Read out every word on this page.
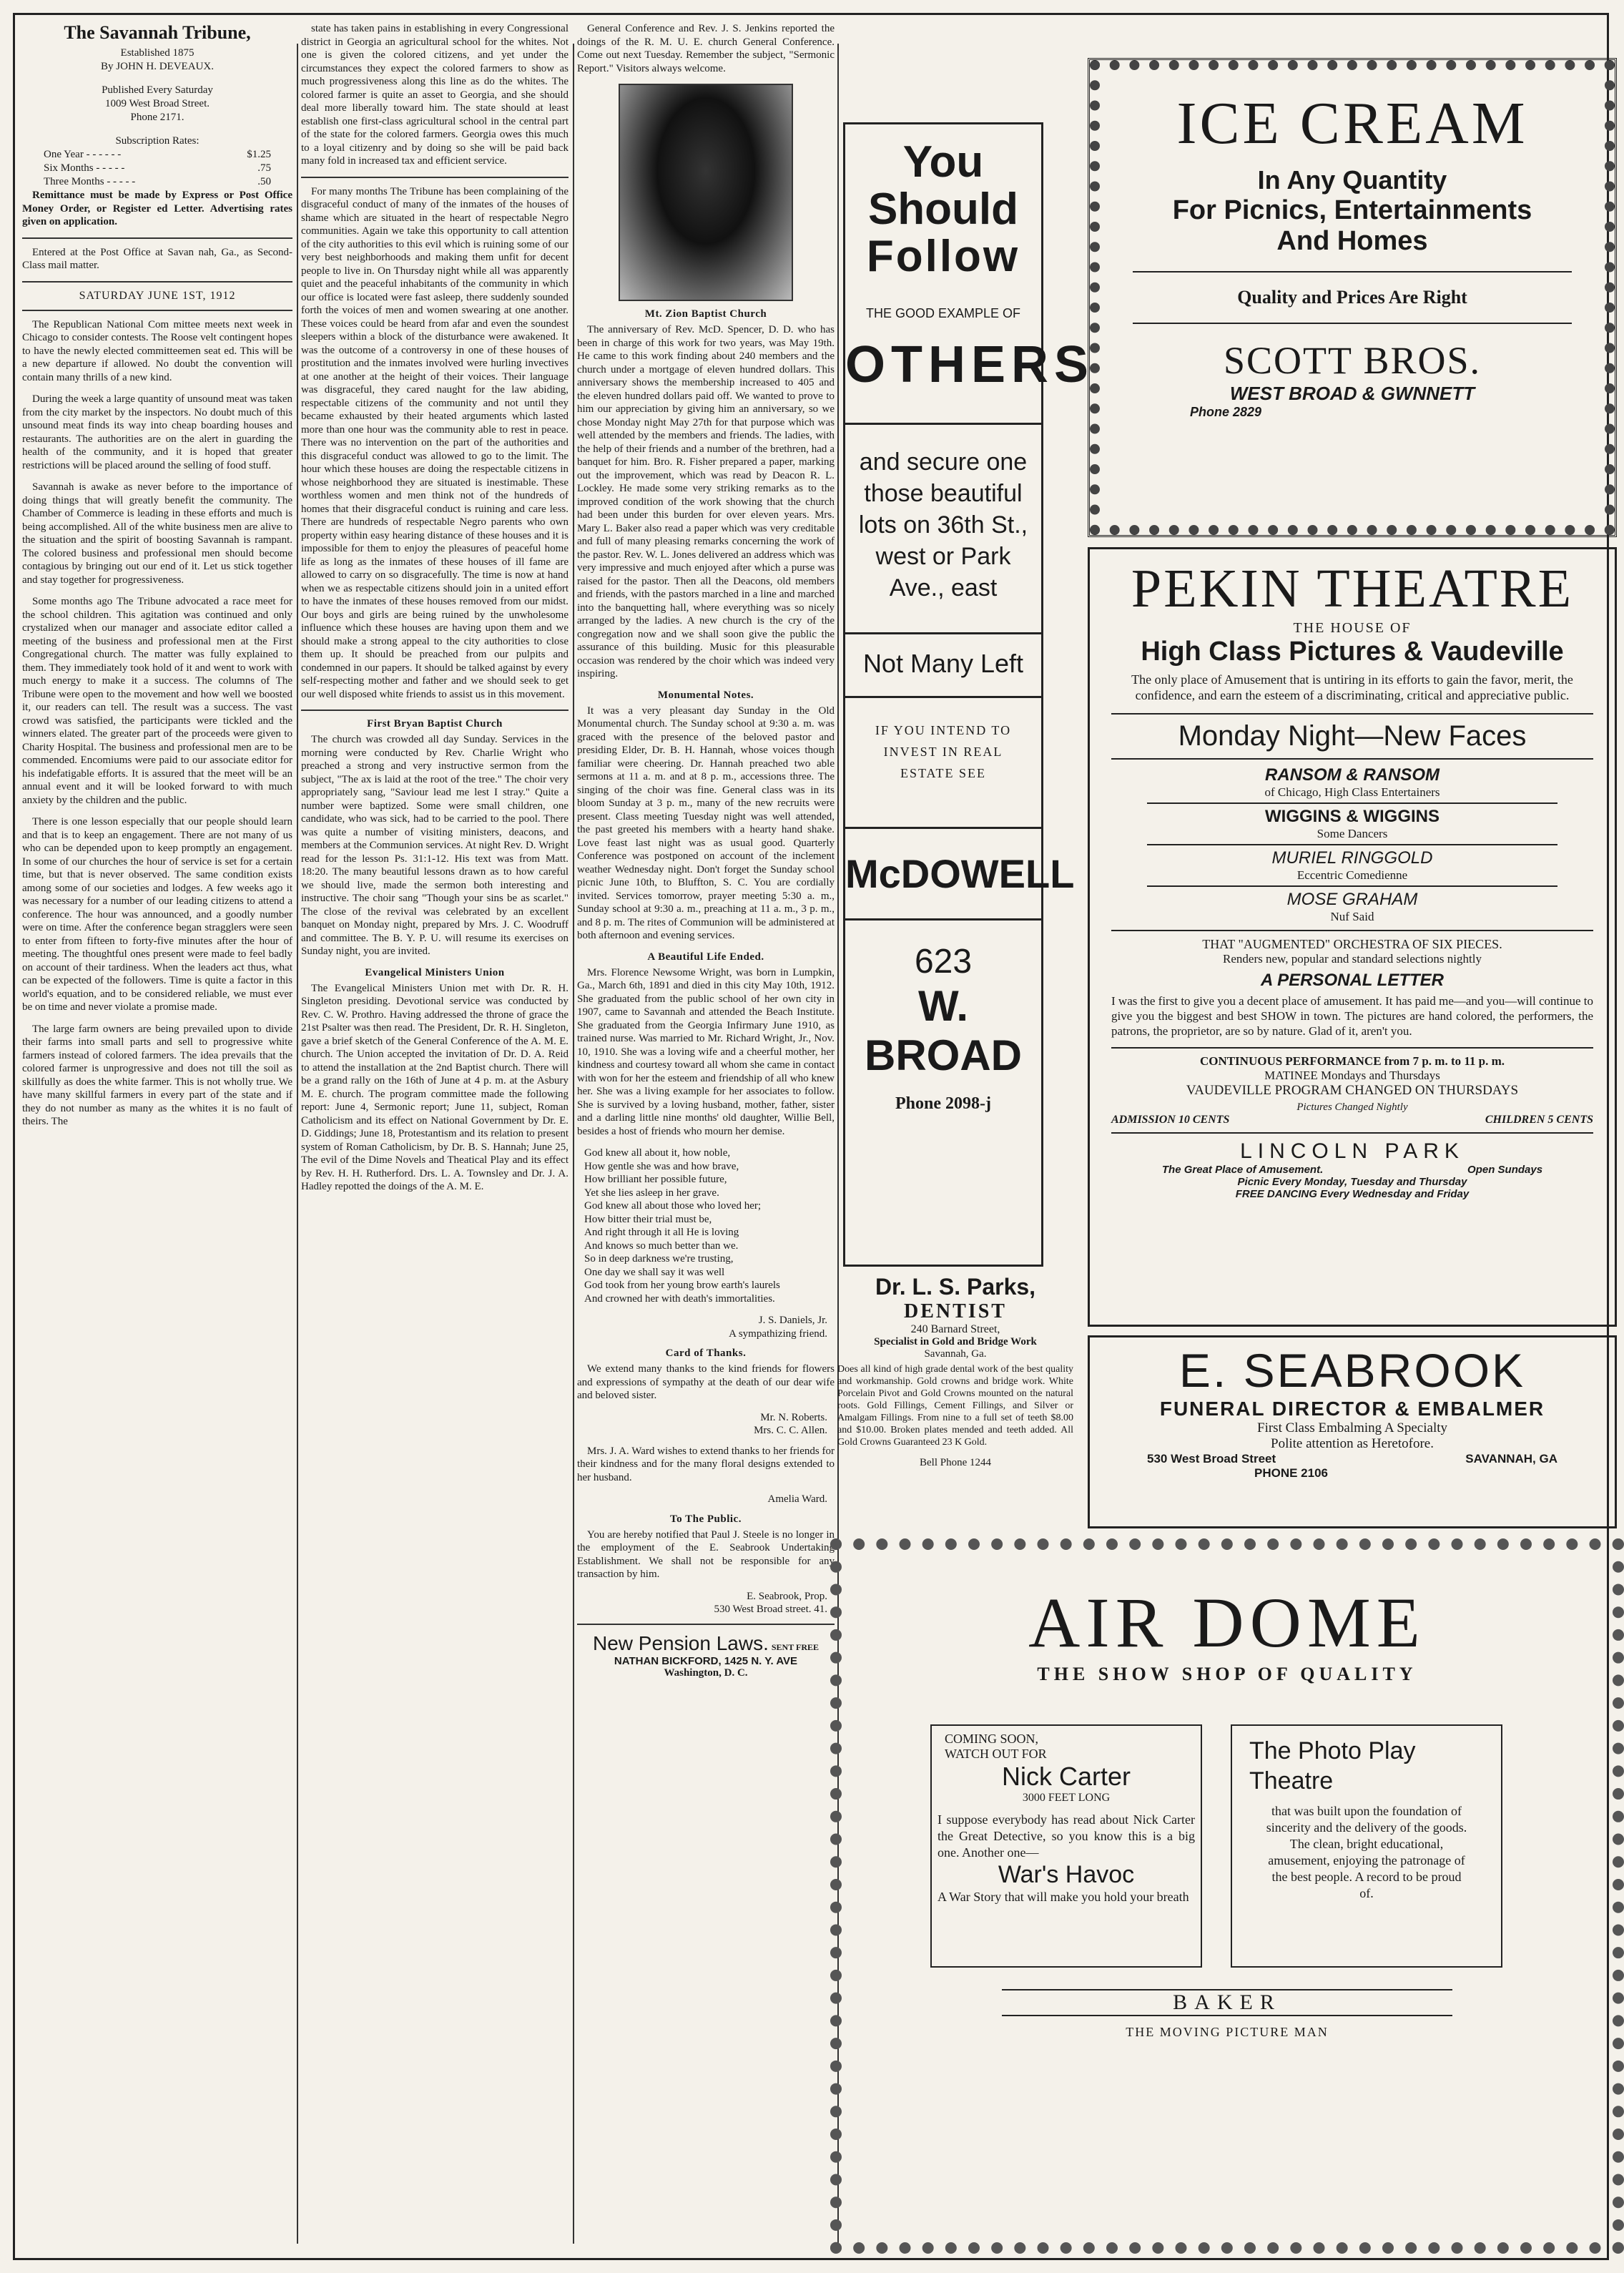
The Savannah Tribune,
Established 1875
By JOHN H. DEVEAUX.
Published Every Saturday
1009 West Broad Street.
Phone 2171.
Subscription Rates:
One Year - - - - - -	$1.25
Six Months - - - - -	.75
Three Months - - - - -	.50

Remittance must be made by Express or Post Office Money Order, or Register ed Letter. Advertising rates given on application.

Entered at the Post Office at Savan nah, Ga., as Second-Class mail matter.

SATURDAY JUNE 1ST, 1912

The Republican National Com mittee meets next week in Chicago to consider contests. The Roose velt contingent hopes to have the newly elected committeemen seat ed. This will be a new departure if allowed. No doubt the convention will contain many thrills of a new kind.

During the week a large quantity of unsound meat was taken from the city market by the inspectors. No doubt much of this unsound meat finds its way into cheap boarding houses and restaurants. The authorities are on the alert in guarding the health of the community, and it is hoped that greater restrictions will be placed around the selling of food stuff.

Savannah is awake as never before to the importance of doing things that will greatly benefit the community. The Chamber of Commerce is leading in these efforts and much is being accomplished. All of the white business men are alive to the situation and the spirit of boosting Savannah is rampant. The colored business and professional men should become contagious by bringing out our end of it. Let us stick together and stay together for progressiveness.

Some months ago The Tribune advocated a race meet for the school children. This agitation was continued and only crystalized when our manager and associate editor called a meeting of the business and professional men at the First Congregational church. The matter was fully explained to them. They immediately took hold of it and went to work with much energy to make it a success. The columns of The Tribune were open to the movement and how well we boosted it, our readers can tell. The result was a success. The vast crowd was satisfied, the participants were tickled and the winners elated. The greater part of the proceeds were given to Charity Hospital. The business and professional men are to be commended. Encomiums were paid to our associate editor for his indefatigable efforts. It is assured that the meet will be an annual event and it will be looked forward to with much anxiety by the children and the public.

There is one lesson especially that our people should learn and that is to keep an engagement. There are not many of us who can be depended upon to keep promptly an engagement. In some of our churches the hour of service is set for a certain time, but that is never observed. The same condition exists among some of our societies and lodges. A few weeks ago it was necessary for a number of our leading citizens to attend a conference. The hour was announced, and a goodly number were on time. After the conference began stragglers were seen to enter from fifteen to forty-five minutes after the hour of meeting. The thoughtful ones present were made to feel badly on account of their tardiness. When the leaders act thus, what can be expected of the followers. Time is quite a factor in this world's equation, and to be considered reliable, we must ever be on time and never violate a promise made.

The large farm owners are being prevailed upon to divide their farms into small parts and sell to progressive white farmers instead of colored farmers. The idea prevails that the colored farmer is unprogressive and does not till the soil as skillfully as does the white farmer. This is not wholly true. We have many skillful farmers in every part of the state and if they do not number as many as the whites it is no fault of theirs. The

state has taken pains in establishing in every Congressional district in Georgia an agricultural school for the whites. Not one is given the colored citizens, and yet under the circumstances they expect the colored farmers to show as much progressiveness along this line as do the whites. The colored farmer is quite an asset to Georgia, and she should deal more liberally toward him. The state should at least establish one first-class agricultural school in the central part of the state for the colored farmers. Georgia owes this much to a loyal citizenry and by doing so she will be paid back many fold in increased tax and efficient service.

For many months The Tribune has been complaining of the disgraceful conduct of many of the inmates of the houses of shame which are situated in the heart of respectable Negro communities. Again we take this opportunity to call attention of the city authorities to this evil which is ruining some of our very best neighborhoods and making them unfit for decent people to live in. On Thursday night while all was apparently quiet and the peaceful inhabitants of the community in which our office is located were fast asleep, there suddenly sounded forth the voices of men and women swearing at one another. These voices could be heard from afar and even the soundest sleepers within a block of the disturbance were awakened. It was the outcome of a controversy in one of these houses of prostitution and the inmates involved were hurling invectives at one another at the height of their voices. Their language was disgraceful, they cared naught for the law abiding, respectable citizens of the community and not until they became exhausted by their heated arguments which lasted more than one hour was the community able to rest in peace. There was no intervention on the part of the authorities and this disgraceful conduct was allowed to go to the limit. The hour which these houses are doing the respectable citizens in whose neighborhood they are situated is inestimable. These worthless women and men think not of the hundreds of homes that their disgraceful conduct is ruining and care less. There are hundreds of respectable Negro parents who own property within easy hearing distance of these houses and it is impossible for them to enjoy the pleasures of peaceful home life as long as the inmates of these houses of ill fame are allowed to carry on so disgracefully. The time is now at hand when we as respectable citizens should join in a united effort to have the inmates of these houses removed from our midst. Our boys and girls are being ruined by the unwholesome influence which these houses are having upon them and we should make a strong appeal to the city authorities to close them up. It should be preached from our pulpits and condemned in our papers. It should be talked against by every self-respecting mother and father and we should seek to get our well disposed white friends to assist us in this movement.

First Bryan Baptist Church

The church was crowded all day Sunday. Services in the morning were conducted by Rev. Charlie Wright who preached a strong and very instructive sermon from the subject, "The ax is laid at the root of the tree." The choir very appropriately sang, "Saviour lead me lest I stray." Quite a number were baptized. Some were small children, one candidate, who was sick, had to be carried to the pool. There was quite a number of visiting ministers, deacons, and members at the Communion services. At night Rev. D. Wright read for the lesson Ps. 31:1-12. His text was from Matt. 18:20. The many beautiful lessons drawn as to how careful we should live, made the sermon both interesting and instructive. The choir sang "Though your sins be as scarlet." The close of the revival was celebrated by an excellent banquet on Monday night, prepared by Mrs. J. C. Woodruff and committee. The B. Y. P. U. will resume its exercises on Sunday night, you are invited.

Evangelical Ministers Union

The Evangelical Ministers Union met with Dr. R. H. Singleton presiding. Devotional service was conducted by Rev. C. W. Prothro. Having addressed the throne of grace the 21st Psalter was then read. The President, Dr. R. H. Singleton, gave a brief sketch of the General Conference of the A. M. E. church. The Union accepted the invitation of Dr. D. A. Reid to attend the installation at the 2nd Baptist church. There will be a grand rally on the 16th of June at 4 p. m. at the Asbury M. E. church. The program committee made the following report: June 4, Sermonic report; June 11, subject, Roman Catholicism and its effect on National Government by Dr. E. D. Giddings; June 18, Protestantism and its relation to present system of Roman Catholicism, by Dr. B. S. Hannah; June 25, The evil of the Dime Novels and Theatical Play and its effect by Rev. H. H. Rutherford. Drs. L. A. Townsley and Dr. J. A. Hadley repotted the doings of the A. M. E.

General Conference and Rev. J. S. Jenkins reported the doings of the R. M. U. E. church General Conference. Come out next Tuesday. Remember the subject, "Sermonic Report." Visitors always welcome.

Mt. Zion Baptist Church

The anniversary of Rev. McD. Spencer, D. D. who has been in charge of this work for two years, was May 19th. He came to this work finding about 240 members and the church under a mortgage of eleven hundred dollars. This anniversary shows the membership increased to 405 and the eleven hundred dollars paid off. We wanted to prove to him our appreciation by giving him an anniversary, so we chose Monday night May 27th for that purpose which was well attended by the members and friends. The ladies, with the help of their friends and a number of the brethren, had a banquet for him. Bro. R. Fisher prepared a paper, marking out the improvement, which was read by Deacon R. L. Lockley. He made some very striking remarks as to the improved condition of the work showing that the church had been under this burden for over eleven years. Mrs. Mary L. Baker also read a paper which was very creditable and full of many pleasing remarks concerning the work of the pastor. Rev. W. L. Jones delivered an address which was very impressive and much enjoyed after which a purse was raised for the pastor. Then all the Deacons, old members and friends, with the pastors marched in a line and marched into the banquetting hall, where everything was so nicely arranged by the ladies. A new church is the cry of the congregation now and we shall soon give the public the assurance of this building. Music for this pleasurable occasion was rendered by the choir which was indeed very inspiring.

Monumental Notes.

It was a very pleasant day Sunday in the Old Monumental church. The Sunday school at 9:30 a. m. was graced with the presence of the beloved pastor and presiding Elder, Dr. B. H. Hannah, whose voices though familiar were cheering. Dr. Hannah preached two able sermons at 11 a. m. and at 8 p. m., accessions three. The singing of the choir was fine. General class was in its bloom Sunday at 3 p. m., many of the new recruits were present. Class meeting Tuesday night was well attended, the past greeted his members with a hearty hand shake. Love feast last night was as usual good. Quarterly Conference was postponed on account of the inclement weather Wednesday night. Don't forget the Sunday school picnic June 10th, to Bluffton, S. C. You are cordially invited. Services tomorrow, prayer meeting 5:30 a. m., Sunday school at 9:30 a. m., preaching at 11 a. m., 3 p. m., and 8 p. m. The rites of Communion will be administered at both afternoon and evening services.

A Beautiful Life Ended.

Mrs. Florence Newsome Wright, was born in Lumpkin, Ga., March 6th, 1891 and died in this city May 10th, 1912. She graduated from the public school of her own city in 1907, came to Savannah and attended the Beach Institute. She graduated from the Georgia Infirmary June 1910, as trained nurse. Was married to Mr. Richard Wright, Jr., Nov. 10, 1910. She was a loving wife and a cheerful mother, her kindness and courtesy toward all whom she came in contact with won for her the esteem and friendship of all who knew her. She was a living example for her associates to follow. She is survived by a loving husband, mother, father, sister and a darling little nine months' old daughter, Willie Bell, besides a host of friends who mourn her demise.

God knew all about it, how noble,
How gentle she was and how brave,
How brilliant her possible future,
Yet she lies asleep in her grave.
God knew all about those who loved her;
How bitter their trial must be,
And right through it all He is loving
And knows so much better than we.
So in deep darkness we're trusting,
One day we shall say it was well
God took from her young brow earth's laurels
And crowned her with death's immortalities.
J. S. Daniels, Jr.
A sympathizing friend.
Card of Thanks.

We extend many thanks to the kind friends for flowers and expressions of sympathy at the death of our dear wife and beloved sister.

Mr. N. Roberts.
Mrs. C. C. Allen.

Mrs. J. A. Ward wishes to extend thanks to her friends for their kindness and for the many floral designs extended to her husband.

Amelia Ward.
To The Public.

You are hereby notified that Paul J. Steele is no longer in the employment of the E. Seabrook Undertaking Establishment. We shall not be responsible for any transaction by him.

E. Seabrook, Prop.
530 West Broad street. 41.
New Pension Laws. SENT FREE
NATHAN BICKFORD, 1425 N. Y. AVE
Washington, D. C.
You
Should
Follow
THE GOOD EXAMPLE OF
OTHERS
and secure one those beautiful lots on 36th St., west or Park Ave., east
Not Many Left
IF YOU INTEND TO INVEST IN REAL ESTATE SEE
McDOWELL
623
W. BROAD
Phone 2098-j
Dr. L. S. Parks,
DENTIST
240 Barnard Street,
Specialist in Gold and Bridge Work
Savannah, Ga.
Does all kind of high grade dental work of the best quality and workmanship. Gold crowns and bridge work. White Porcelain Pivot and Gold Crowns mounted on the natural roots. Gold Fillings, Cement Fillings, and Silver or Amalgam Fillings. From nine to a full set of teeth $8.00 and $10.00. Broken plates mended and teeth added. All Gold Crowns Guaranteed 23 K Gold.
Bell Phone 1244
ICE CREAM
In Any Quantity
For Picnics, Entertainments
And Homes
Quality and Prices Are Right
SCOTT BROS.
WEST BROAD & GWNNETT
Phone 2829
PEKIN THEATRE
THE HOUSE OF
High Class Pictures & Vaudeville
The only place of Amusement that is untiring in its efforts to gain the favor, merit, the confidence, and earn the esteem of a discriminating, critical and appreciative public.
Monday Night—New Faces
RANSOM & RANSOM
of Chicago, High Class Entertainers
WIGGINS & WIGGINS
Some Dancers
MURIEL RINGGOLD
Eccentric Comedienne
MOSE GRAHAM
Nuf Said
THAT "AUGMENTED" ORCHESTRA OF SIX PIECES.
Renders new, popular and standard selections nightly
A PERSONAL LETTER
I was the first to give you a decent place of amusement. It has paid me—and you—will continue to give you the biggest and best SHOW in town. The pictures are hand colored, the performers, the patrons, the proprietor, are so by nature. Glad of it, aren't you.
CONTINUOUS PERFORMANCE from 7 p. m. to 11 p. m.
MATINEE Mondays and Thursdays
VAUDEVILLE PROGRAM CHANGED ON THURSDAYS
Pictures Changed Nightly
ADMISSION 10 CENTS	CHILDREN 5 CENTS
LINCOLN PARK
The Great Place of Amusement.	Open Sundays
Picnic Every Monday, Tuesday and Thursday
FREE DANCING Every Wednesday and Friday
E. SEABROOK
FUNERAL DIRECTOR & EMBALMER
First Class Embalming A Specialty
Polite attention as Heretofore.
530 West Broad Street	SAVANNAH, GA
PHONE 2106
AIR DOME
THE SHOW SHOP OF QUALITY
COMING SOON,
WATCH OUT FOR
Nick Carter
3000 FEET LONG
I suppose everybody has read about Nick Carter the Great Detective, so you know this is a big one. Another one—
War's Havoc
A War Story that will make you hold your breath
The Photo Play Theatre
that was built upon the foundation of sincerity and the delivery of the goods. The clean, bright educational, amusement, enjoying the patronage of the best people. A record to be proud of.
BAKER
THE MOVING PICTURE MAN
